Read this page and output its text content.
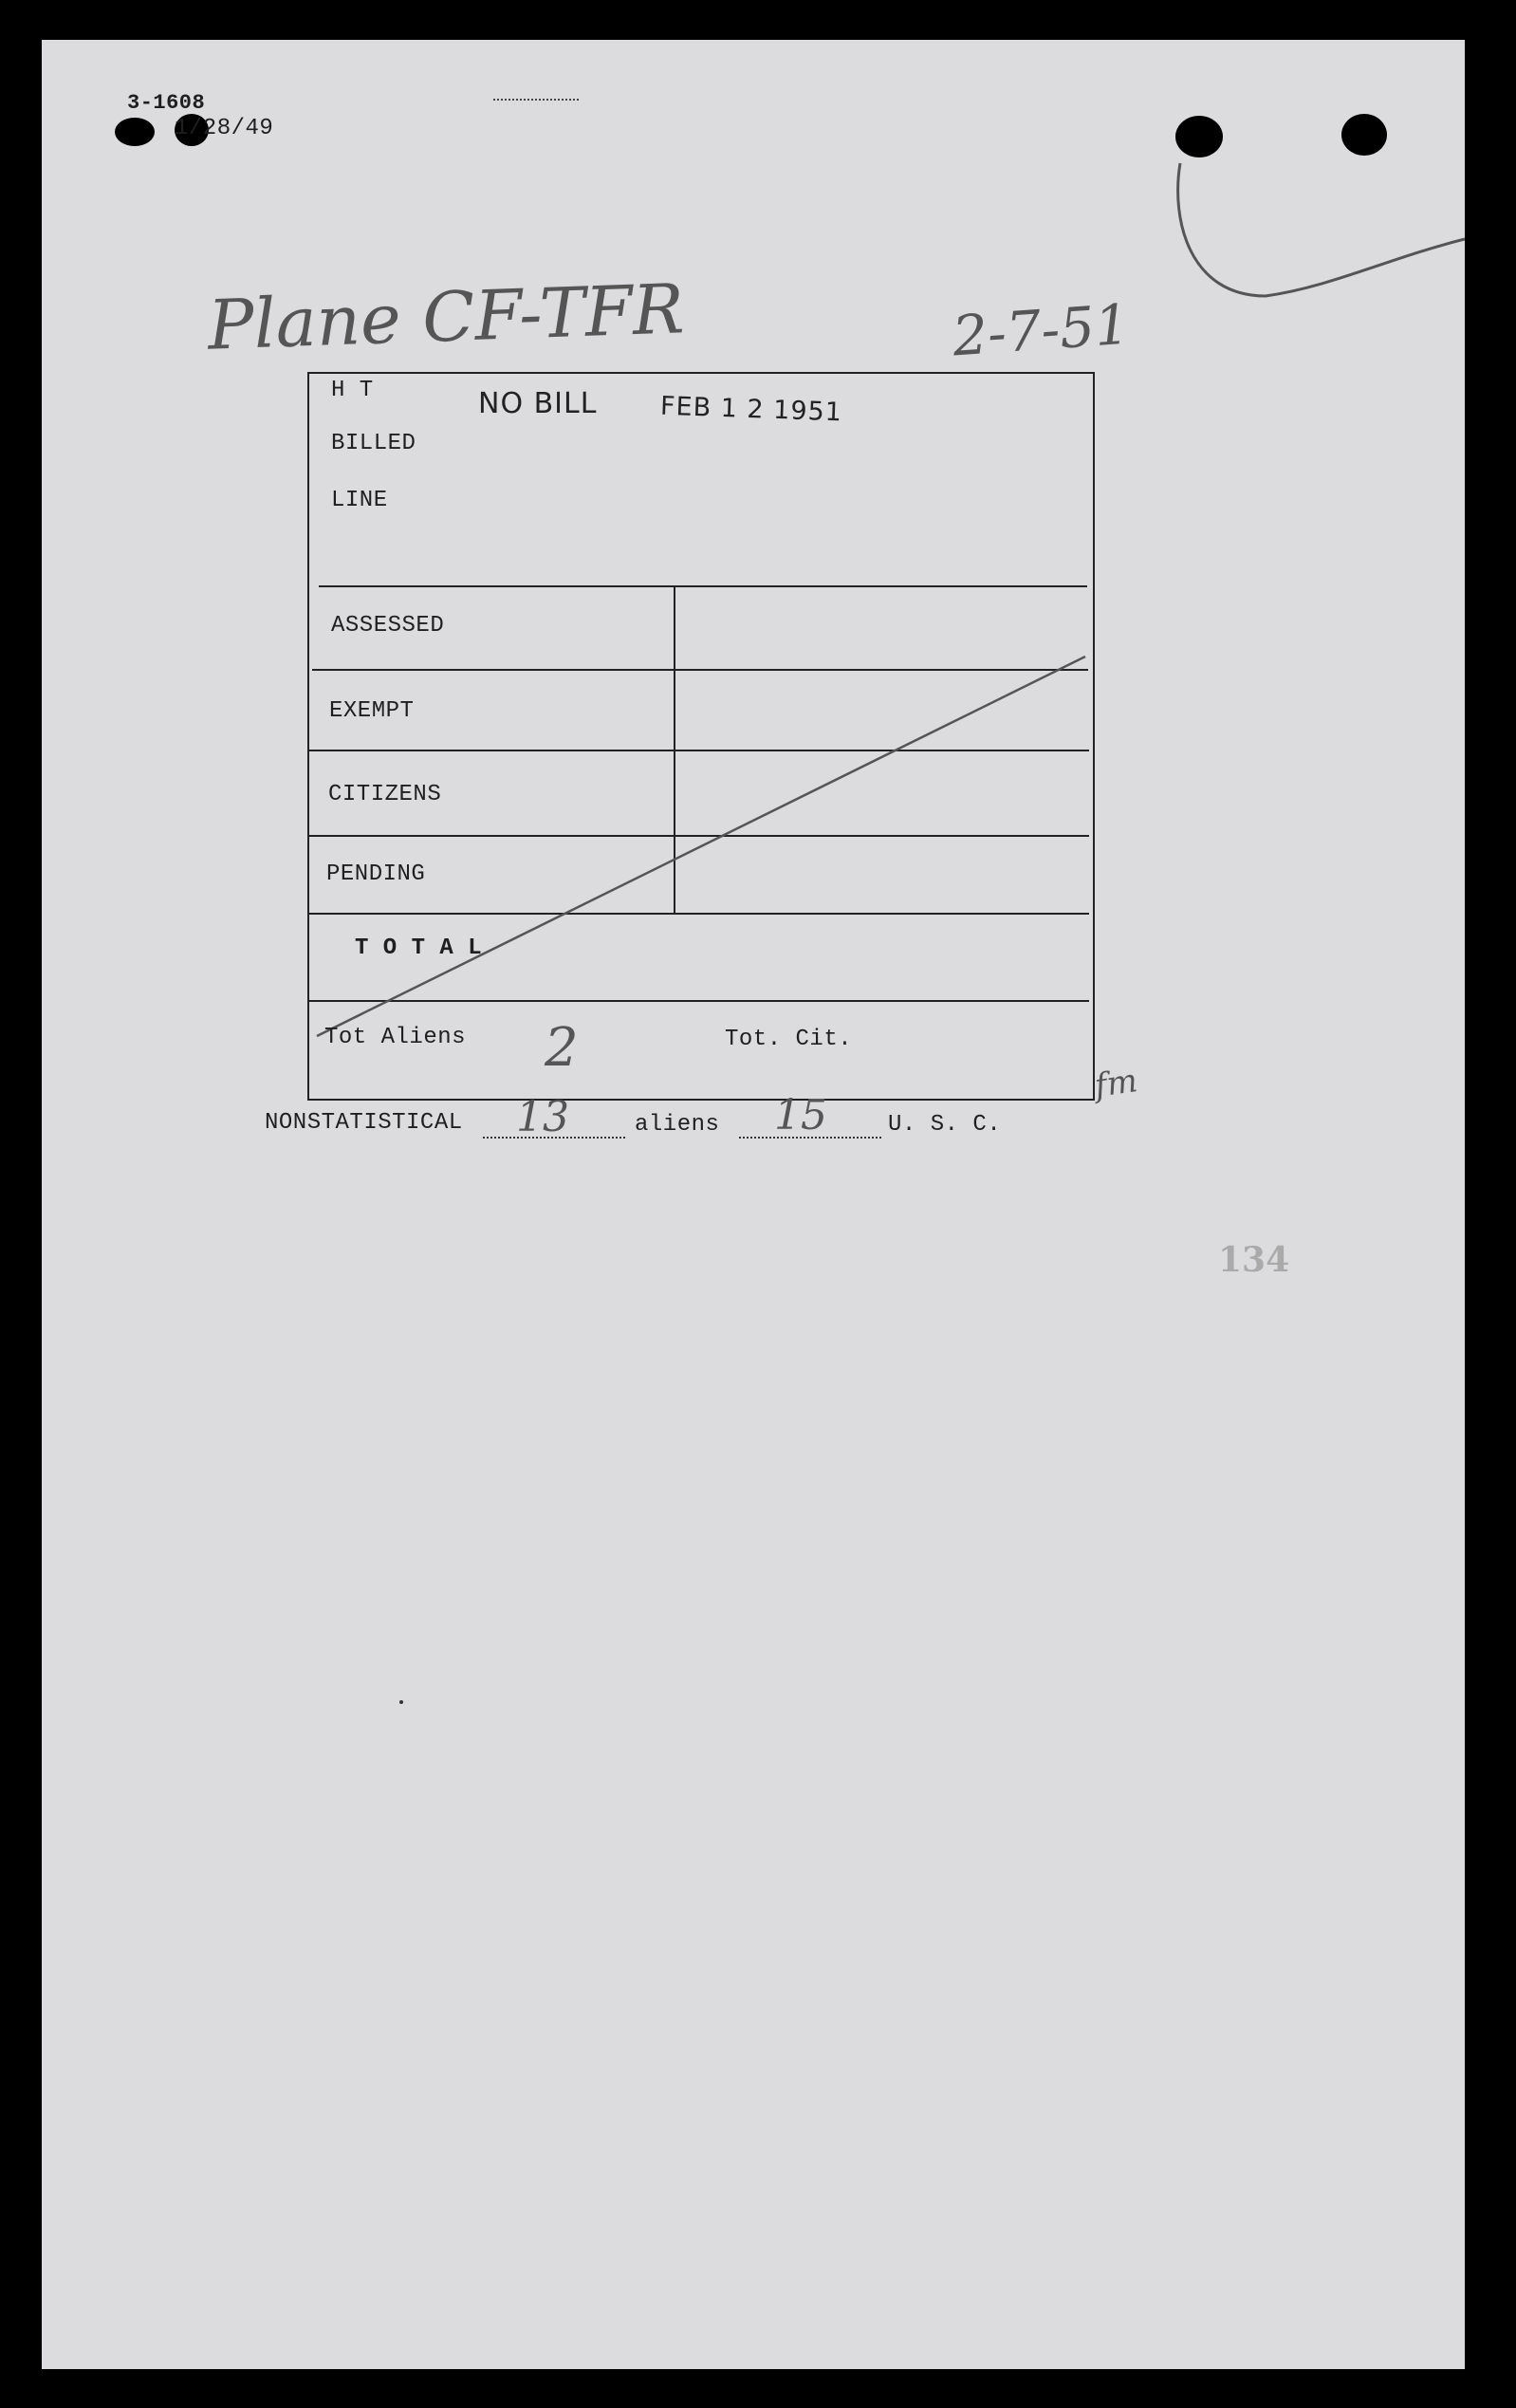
3-1608
1/28/49
Plane CF-TFR	2-7-51
H T
BILLED
LINE
NO BILL FEB 1 2 1951
ASSESSED
EXEMPT
CITIZENS
PENDING
T O T A L
Tot Aliens 2	Tot. Cit.
fm
NONSTATISTICAL 13	aliens 15	U. S. C.
134
